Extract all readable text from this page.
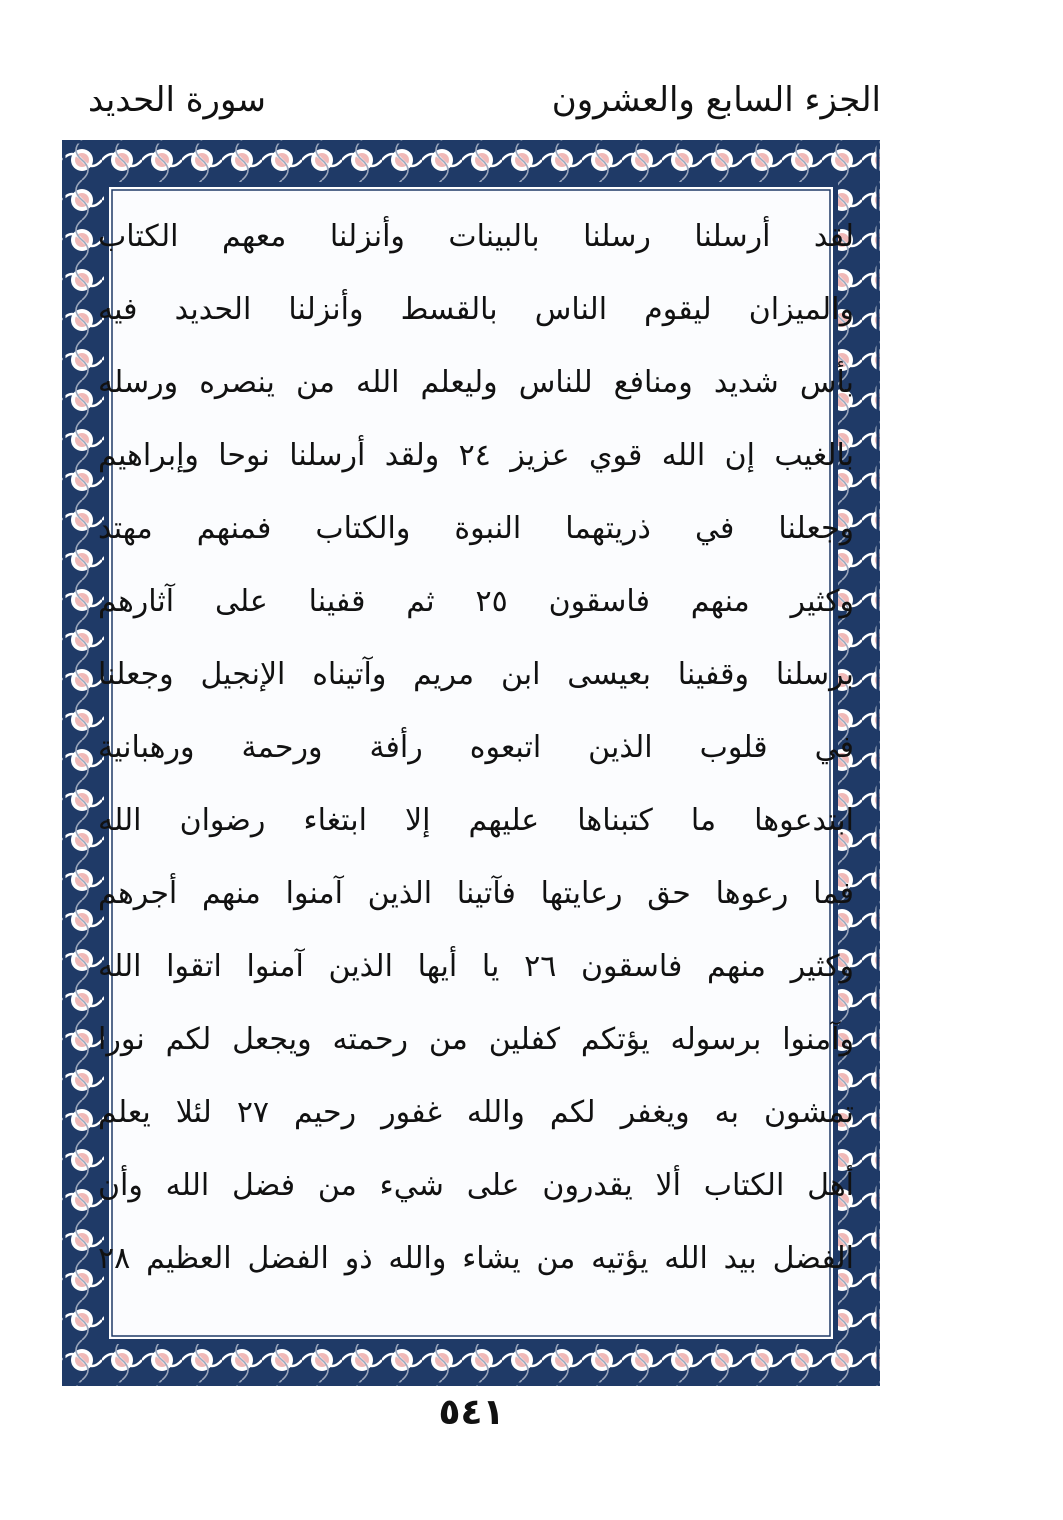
الجزء السابع والعشرون
سورة الحديد
لقد أرسلنا رسلنا بالبينات وأنزلنا معهم الكتاب
والميزان ليقوم الناس بالقسط وأنزلنا الحديد فيه
بأس شديد ومنافع للناس وليعلم الله من ينصره ورسله
بالغيب إن الله قوي عزيز ٢٤ ولقد أرسلنا نوحا وإبراهيم
وجعلنا في ذريتهما النبوة والكتاب فمنهم مهتد
وكثير منهم فاسقون ٢٥ ثم قفينا على آثارهم
برسلنا وقفينا بعيسى ابن مريم وآتيناه الإنجيل وجعلنا
في قلوب الذين اتبعوه رأفة ورحمة ورهبانية
ابتدعوها ما كتبناها عليهم إلا ابتغاء رضوان الله
فما رعوها حق رعايتها فآتينا الذين آمنوا منهم أجرهم
وكثير منهم فاسقون ٢٦ يا أيها الذين آمنوا اتقوا الله
وآمنوا برسوله يؤتكم كفلين من رحمته ويجعل لكم نورا
تمشون به ويغفر لكم والله غفور رحيم ٢٧ لئلا يعلم
أهل الكتاب ألا يقدرون على شيء من فضل الله وأن
الفضل بيد الله يؤتيه من يشاء والله ذو الفضل العظيم ٢٨
٥٤١
